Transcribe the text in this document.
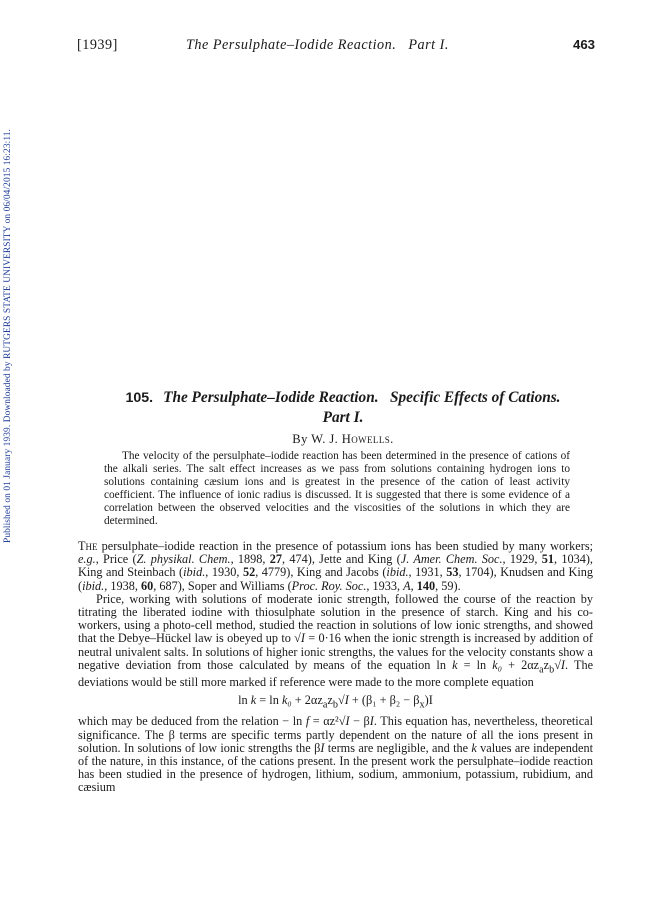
Published on 01 January 1939. Downloaded by RUTGERS STATE UNIVERSITY on 06/04/2015 16:23:11.
[1939]	The Persulphate–Iodide Reaction.   Part I.	463
105. The Persulphate–Iodide Reaction.   Specific Effects of Cations.
Part I.
By W. J. Howells.

The velocity of the persulphate–iodide reaction has been determined in the presence of cations of the alkali series. The salt effect increases as we pass from solutions containing hydrogen ions to solutions containing cæsium ions and is greatest in the presence of the cation of least activity coefficient. The influence of ionic radius is discussed. It is suggested that there is some evidence of a correlation between the observed velocities and the viscosities of the solutions in which they are determined.

The persulphate–iodide reaction in the presence of potassium ions has been studied by many workers; e.g., Price (Z. physikal. Chem., 1898, 27, 474), Jette and King (J. Amer. Chem. Soc., 1929, 51, 1034), King and Steinbach (ibid., 1930, 52, 4779), King and Jacobs (ibid., 1931, 53, 1704), Knudsen and King (ibid., 1938, 60, 687), Soper and Williams (Proc. Roy. Soc., 1933, A, 140, 59).

Price, working with solutions of moderate ionic strength, followed the course of the reaction by titrating the liberated iodine with thiosulphate solution in the presence of starch. King and his co-workers, using a photo-cell method, studied the reaction in solutions of low ionic strengths, and showed that the Debye–Hückel law is obeyed up to √I = 0·16 when the ionic strength is increased by addition of neutral univalent salts. In solutions of higher ionic strengths, the values for the velocity constants show a negative deviation from those calculated by means of the equation $\ln k = \ln k_0 + 2\alpha z_az_b√I$. The deviations would be still more marked if reference were made to the more complete equation

$\ln k = \ln k_0 + 2\alpha z_az_b√I + (\beta_1 + \beta_2 - \beta_x)I$

which may be deduced from the relation − ln f = αz²√I − βI. This equation has, nevertheless, theoretical significance. The β terms are specific terms partly dependent on the nature of all the ions present in solution. In solutions of low ionic strengths the βI terms are negligible, and the k values are independent of the nature, in this instance, of the cations present. In the present work the persulphate–iodide reaction has been studied in the presence of hydrogen, lithium, sodium, ammonium, potassium, rubidium, and cæsium
